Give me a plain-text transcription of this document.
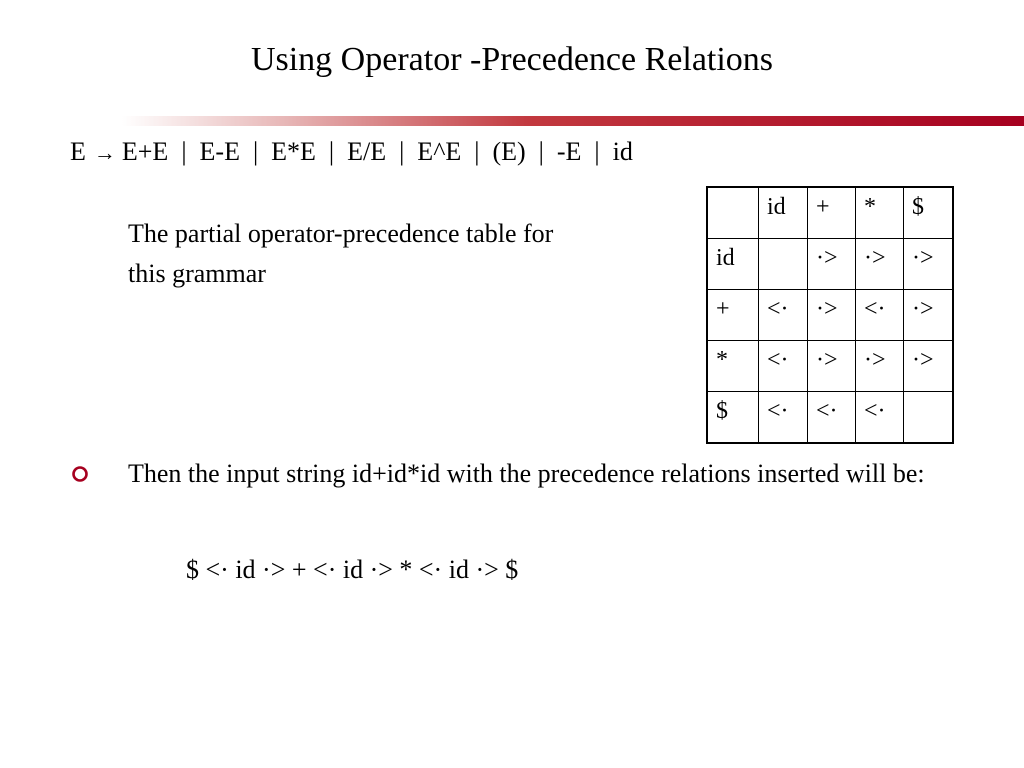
Using Operator -Precedence Relations
E → E+E  |  E-E  |  E*E  |  E/E  |  E^E  |  (E)  |  -E  |  id
The partial operator-precedence table for this grammar
	id	+	*	$
id		·>	·>	·>
+	<·	·>	<·	·>
*	<·	·>	·>	·>
$	<·	<·	<·	
Then the input string id+id*id with the precedence relations inserted will be:
$ <· id ·> + <· id ·> * <· id ·> $
